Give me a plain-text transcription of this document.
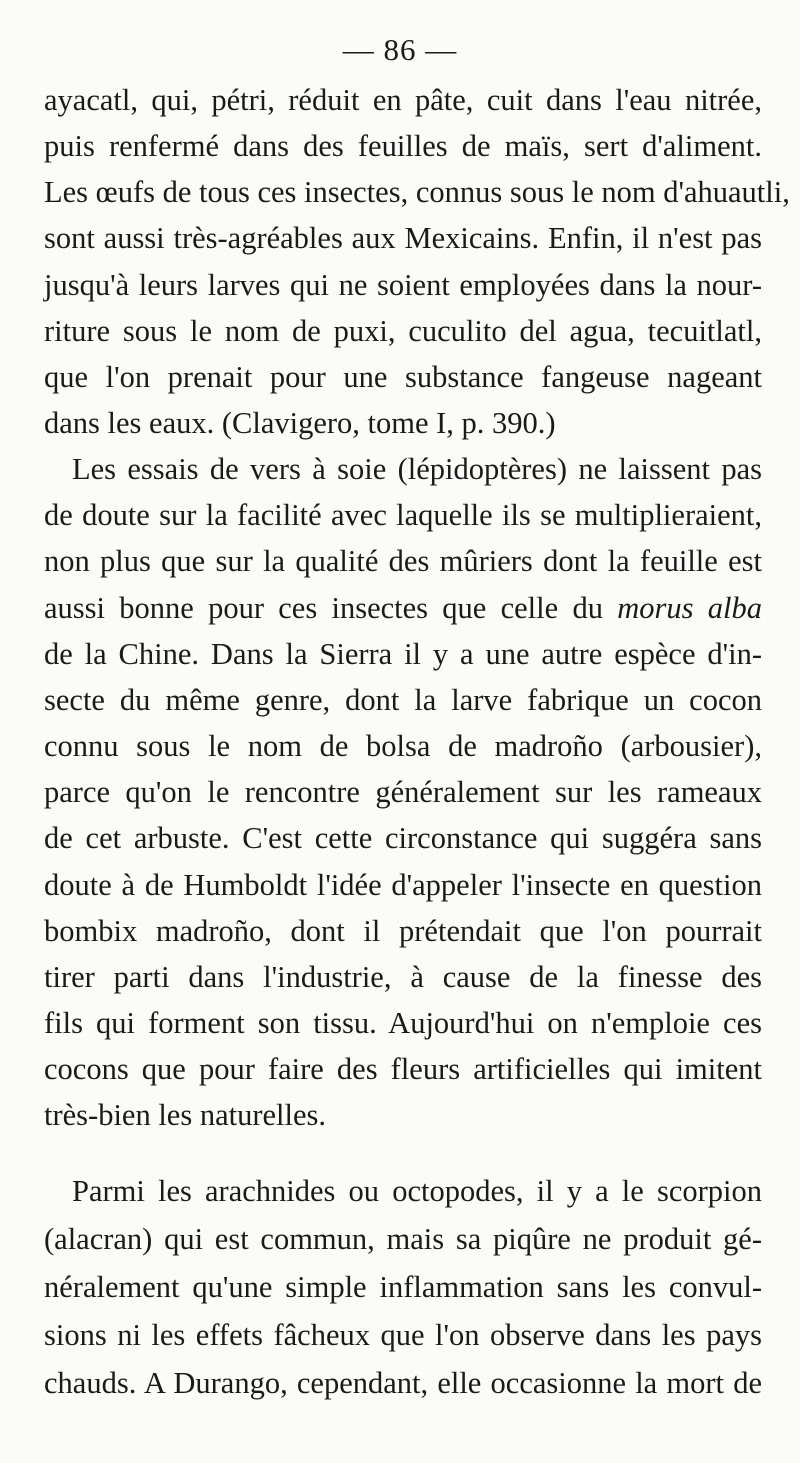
— 86 —
ayacatl, qui, pétri, réduit en pâte, cuit dans l'eau nitrée,
puis renfermé dans des feuilles de maïs, sert d'aliment.
Les œufs de tous ces insectes, connus sous le nom d'ahuautli,
sont aussi très-agréables aux Mexicains. Enfin, il n'est pas
jusqu'à leurs larves qui ne soient employées dans la nour-
riture sous le nom de puxi, cuculito del agua, tecuitlatl,
que l'on prenait pour une substance fangeuse nageant
dans les eaux. (Clavigero, tome I, p. 390.)
Les essais de vers à soie (lépidoptères) ne laissent pas
de doute sur la facilité avec laquelle ils se multiplieraient,
non plus que sur la qualité des mûriers dont la feuille est
aussi bonne pour ces insectes que celle du morus alba
de la Chine. Dans la Sierra il y a une autre espèce d'in-
secte du même genre, dont la larve fabrique un cocon
connu sous le nom de bolsa de madroño (arbousier),
parce qu'on le rencontre généralement sur les rameaux
de cet arbuste. C'est cette circonstance qui suggéra sans
doute à de Humboldt l'idée d'appeler l'insecte en question
bombix madroño, dont il prétendait que l'on pourrait
tirer parti dans l'industrie, à cause de la finesse des
fils qui forment son tissu. Aujourd'hui on n'emploie ces
cocons que pour faire des fleurs artificielles qui imitent
très-bien les naturelles.
Parmi les arachnides ou octopodes, il y a le scorpion
(alacran) qui est commun, mais sa piqûre ne produit gé-
néralement qu'une simple inflammation sans les convul-
sions ni les effets fâcheux que l'on observe dans les pays
chauds. A Durango, cependant, elle occasionne la mort de
